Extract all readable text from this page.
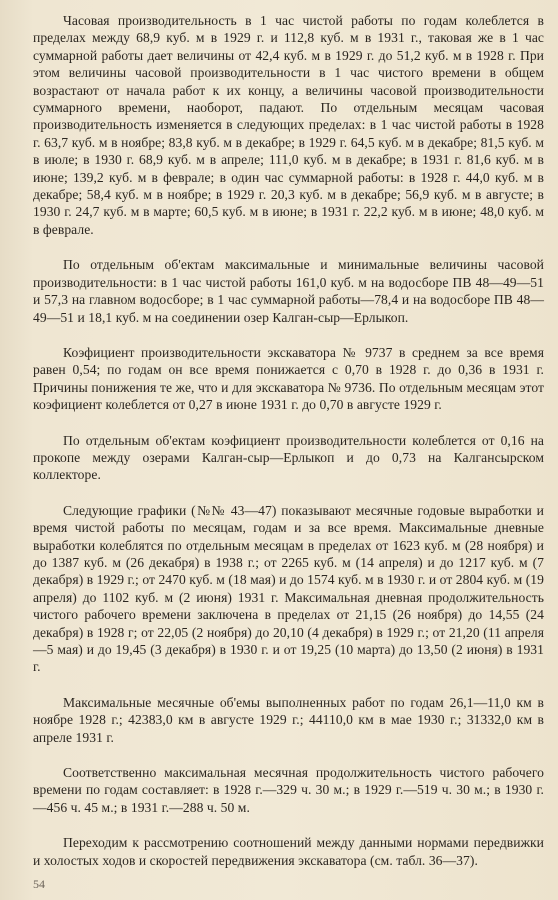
Часовая производительность в 1 час чистой работы по годам колеблется в пределах между 68,9 куб. м в 1929 г. и 112,8 куб. м в 1931 г., таковая же в 1 час суммарной работы дает величины от 42,4 куб. м в 1929 г. до 51,2 куб. м в 1928 г. При этом величины часовой производительности в 1 час чистого времени в общем возрастают от начала работ к их концу, а величины часовой производительности суммарного времени, наоборот, падают. По отдельным месяцам часовая производительность изменяется в следующих пределах: в 1 час чистой работы в 1928 г. 63,7 куб. м в ноябре; 83,8 куб. м в декабре; в 1929 г. 64,5 куб. м в декабре; 81,5 куб. м в июле; в 1930 г. 68,9 куб. м в апреле; 111,0 куб. м в декабре; в 1931 г. 81,6 куб. м в июне; 139,2 куб. м в феврале; в один час суммарной работы: в 1928 г. 44,0 куб. м в декабре; 58,4 куб. м в ноябре; в 1929 г. 20,3 куб. м в декабре; 56,9 куб. м в августе; в 1930 г. 24,7 куб. м в марте; 60,5 куб. м в июне; в 1931 г. 22,2 куб. м в июне; 48,0 куб. м в феврале.

По отдельным об'ектам максимальные и минимальные величины часовой производительности: в 1 час чистой работы 161,0 куб. м на водосборе ПВ 48—49—51 и 57,3 на главном водосборе; в 1 час суммарной работы—78,4 и на водосборе ПВ 48—49—51 и 18,1 куб. м на соединении озер Калган-сыр—Ерлыкоп.

Коэфициент производительности экскаватора № 9737 в среднем за все время равен 0,54; по годам он все время понижается с 0,70 в 1928 г. до 0,36 в 1931 г. Причины понижения те же, что и для экскаватора № 9736. По отдельным месяцам этот коэфициент колеблется от 0,27 в июне 1931 г. до 0,70 в августе 1929 г.

По отдельным об'ектам коэфициент производительности колеблется от 0,16 на прокопе между озерами Калган-сыр—Ерлыкоп и до 0,73 на Калгансырском коллекторе.

Следующие графики (№№ 43—47) показывают месячные годовые выработки и время чистой работы по месяцам, годам и за все время. Максимальные дневные выработки колеблятся по отдельным месяцам в пределах от 1623 куб. м (28 ноября) и до 1387 куб. м (26 декабря) в 1938 г.; от 2265 куб. м (14 апреля) и до 1217 куб. м (7 декабря) в 1929 г.; от 2470 куб. м (18 мая) и до 1574 куб. м в 1930 г. и от 2804 куб. м (19 апреля) до 1102 куб. м (2 июня) 1931 г. Максимальная дневная продолжительность чистого рабочего времени заключена в пределах от 21,15 (26 ноября) до 14,55 (24 декабря) в 1928 г; от 22,05 (2 ноября) до 20,10 (4 декабря) в 1929 г.; от 21,20 (11 апреля—5 мая) и до 19,45 (3 декабря) в 1930 г. и от 19,25 (10 марта) до 13,50 (2 июня) в 1931 г.

Максимальные месячные об'емы выполненных работ по годам 26,1—11,0 км в ноябре 1928 г.; 42383,0 км в августе 1929 г.; 44110,0 км в мае 1930 г.; 31332,0 км в апреле 1931 г.

Соответственно максимальная месячная продолжительность чистого рабочего времени по годам составляет: в 1928 г.—329 ч. 30 м.; в 1929 г.—519 ч. 30 м.; в 1930 г.—456 ч. 45 м.; в 1931 г.—288 ч. 50 м.

Переходим к рассмотрению соотношений между данными нормами передвижки и холостых ходов и скоростей передвижения экскаватора (см. табл. 36—37).

54
